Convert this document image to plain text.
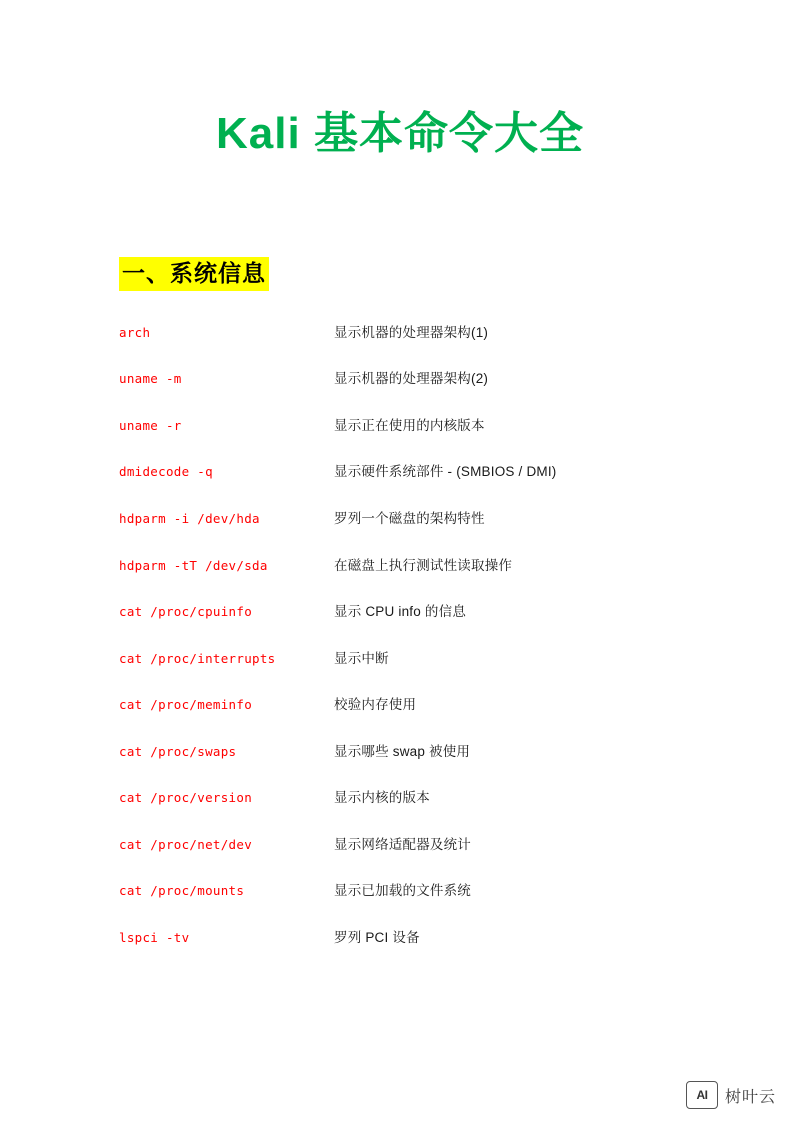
Kali 基本命令大全
一、系统信息
arch	显示机器的处理器架构(1)
uname -m	显示机器的处理器架构(2)
uname -r	显示正在使用的内核版本
dmidecode -q	显示硬件系统部件 - (SMBIOS / DMI)
hdparm -i /dev/hda	罗列一个磁盘的架构特性
hdparm -tT /dev/sda	在磁盘上执行测试性读取操作
cat /proc/cpuinfo	显示 CPU info 的信息
cat /proc/interrupts	显示中断
cat /proc/meminfo	校验内存使用
cat /proc/swaps	显示哪些 swap 被使用
cat /proc/version	显示内核的版本
cat /proc/net/dev	显示网络适配器及统计
cat /proc/mounts	显示已加载的文件系统
lspci -tv	罗列 PCI 设备
AI	树叶云
